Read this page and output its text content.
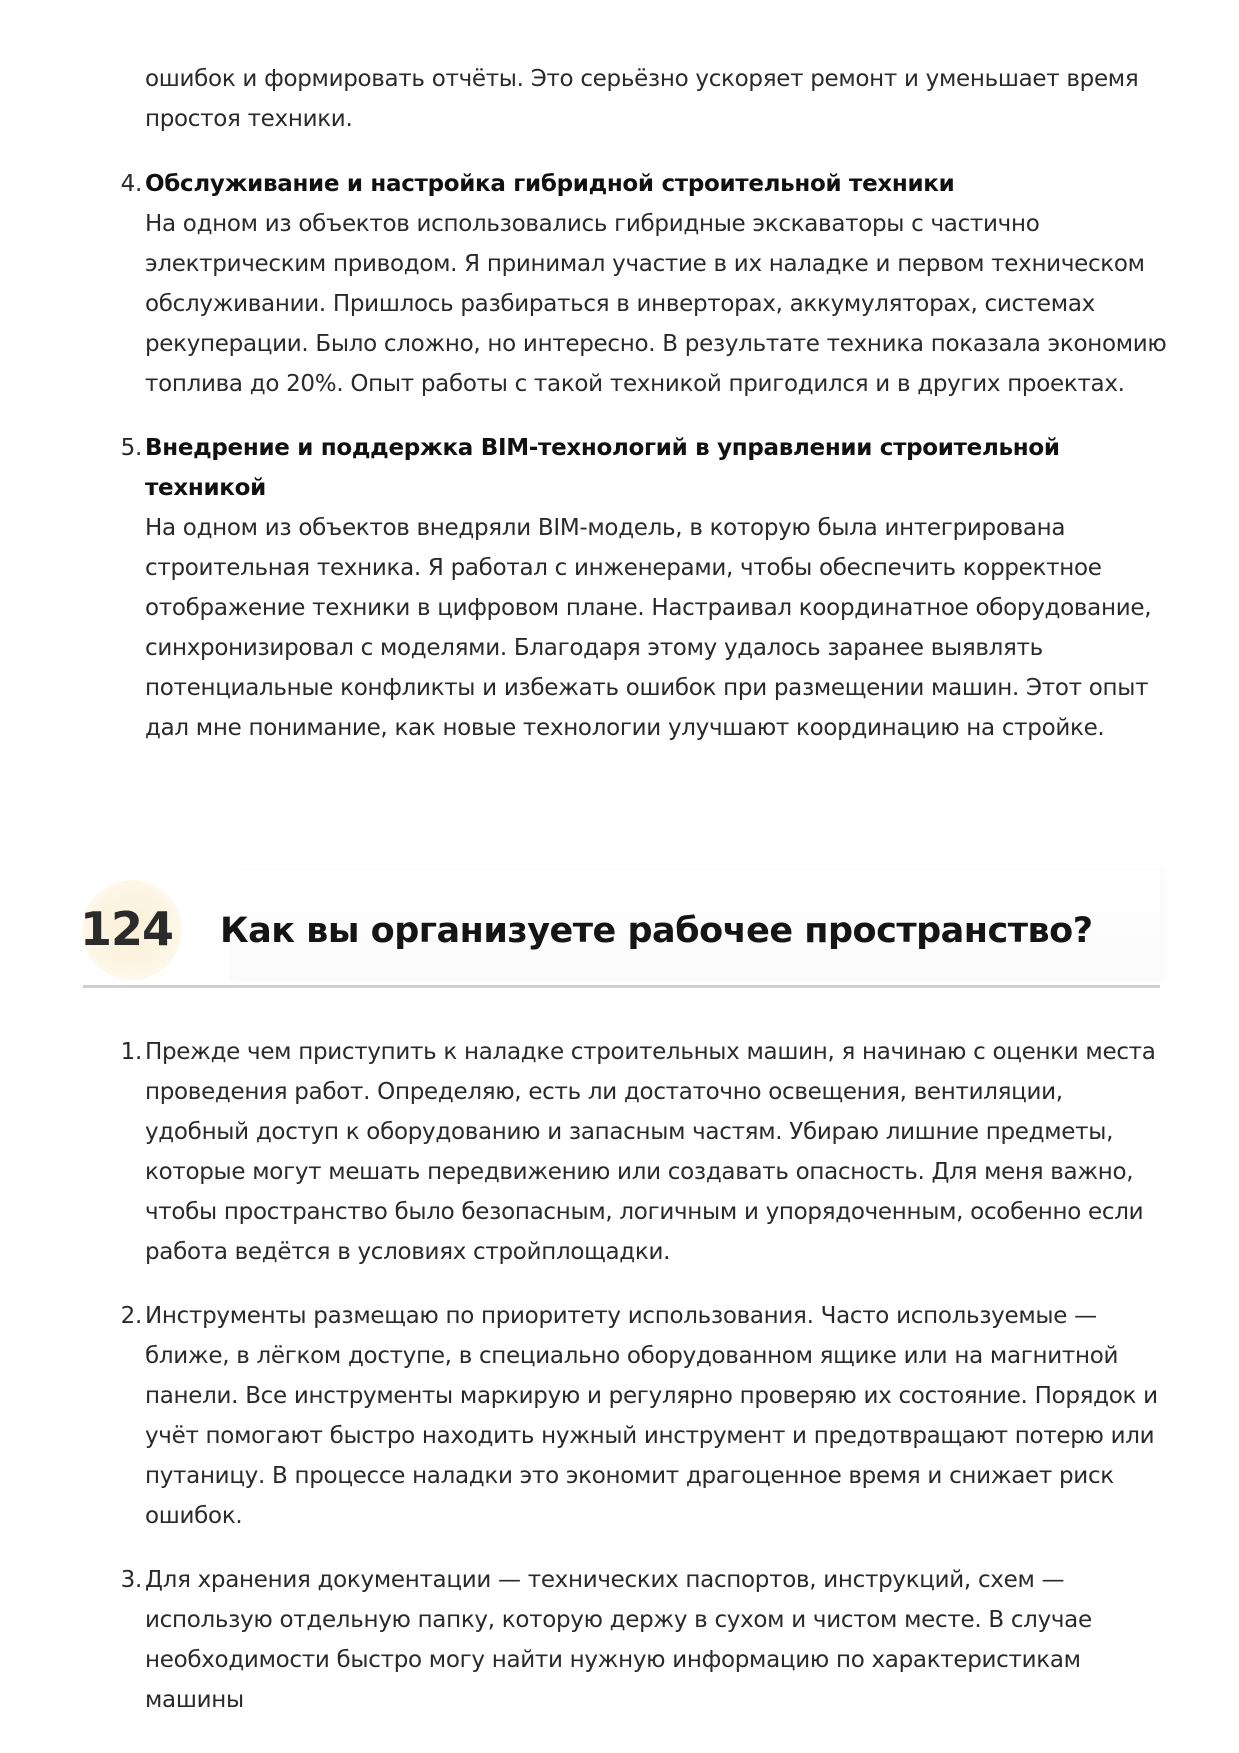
ошибок и формировать отчёты. Это серьёзно ускоряет ремонт и уменьшает время простоя техники.
4. Обслуживание и настройка гибридной строительной техники

На одном из объектов использовались гибридные экскаваторы с частично электрическим приводом. Я принимал участие в их наладке и первом техническом обслуживании. Пришлось разбираться в инверторах, аккумуляторах, системах рекуперации. Было сложно, но интересно. В результате техника показала экономию топлива до 20%. Опыт работы с такой техникой пригодился и в других проектах.

5. Внедрение и поддержка BIM-технологий в управлении строительной техникой

На одном из объектов внедряли BIM-модель, в которую была интегрирована строительная техника. Я работал с инженерами, чтобы обеспечить корректное отображение техники в цифровом плане. Настраивал координатное оборудование, синхронизировал с моделями. Благодаря этому удалось заранее выявлять потенциальные конфликты и избежать ошибок при размещении машин. Этот опыт дал мне понимание, как новые технологии улучшают координацию на стройке.

124 Как вы организуете рабочее пространство?
1. Прежде чем приступить к наладке строительных машин, я начинаю с оценки места проведения работ. Определяю, есть ли достаточно освещения, вентиляции, удобный доступ к оборудованию и запасным частям. Убираю лишние предметы, которые могут мешать передвижению или создавать опасность. Для меня важно, чтобы пространство было безопасным, логичным и упорядоченным, особенно если работа ведётся в условиях стройплощадки.

2. Инструменты размещаю по приоритету использования. Часто используемые — ближе, в лёгком доступе, в специально оборудованном ящике или на магнитной панели. Все инструменты маркирую и регулярно проверяю их состояние. Порядок и учёт помогают быстро находить нужный инструмент и предотвращают потерю или путаницу. В процессе наладки это экономит драгоценное время и снижает риск ошибок.

3. Для хранения документации — технических паспортов, инструкций, схем — использую отдельную папку, которую держу в сухом и чистом месте. В случае необходимости быстро могу найти нужную информацию по характеристикам машины
